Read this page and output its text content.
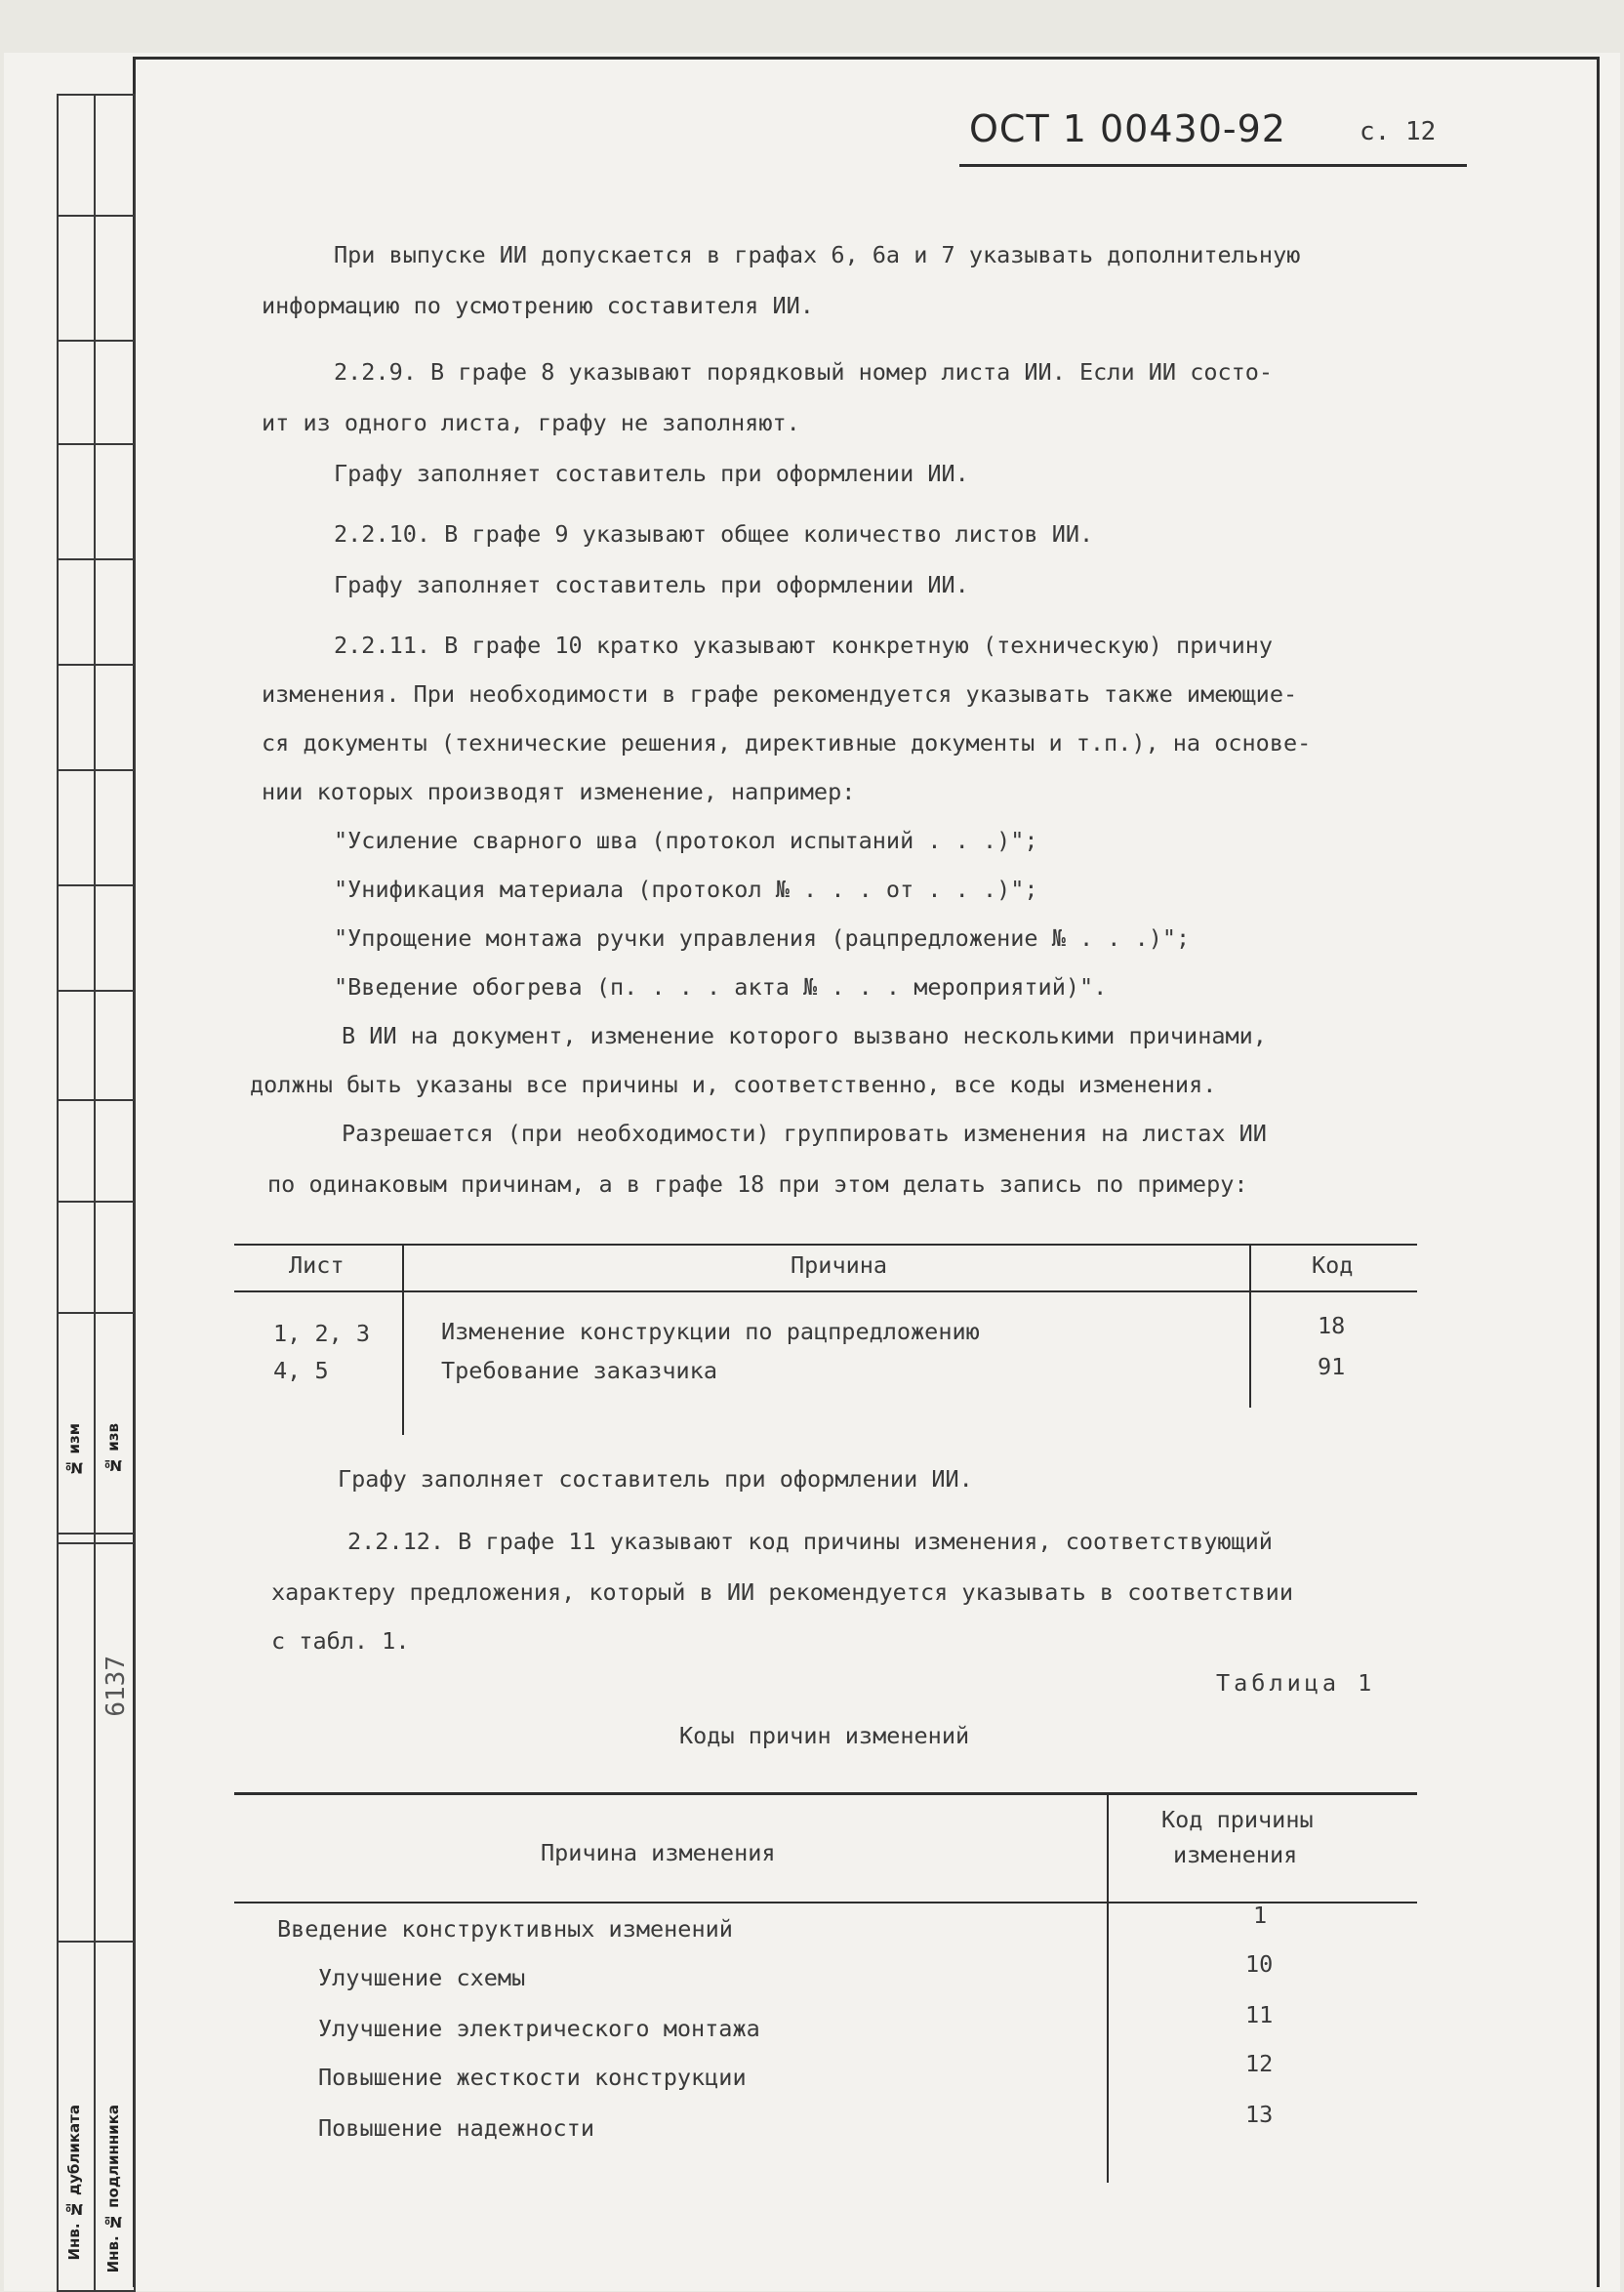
№ изм № изв
6137
Инв. № дубликата Инв. № подлинника
ОСТ 1 00430-92	с. 12
При выпуске ИИ допускается в графах 6, 6а и 7 указывать дополнительную
информацию по усмотрению составителя ИИ.
2.2.9. В графе 8 указывают порядковый номер листа ИИ. Если ИИ состо-
ит из одного листа, графу не заполняют.
Графу заполняет составитель при оформлении ИИ.
2.2.10. В графе 9 указывают общее количество листов ИИ.
Графу заполняет составитель при оформлении ИИ.
2.2.11. В графе 10 кратко указывают конкретную (техническую) причину
изменения. При необходимости в графе рекомендуется указывать также имеющие-
ся документы (технические решения, директивные документы и т.п.), на основе-
нии которых производят изменение, например:
"Усиление сварного шва (протокол испытаний . . .)";
"Унификация материала (протокол № . . . от . . .)";
"Упрощение монтажа ручки управления (рацпредложение № . . .)";
"Введение обогрева (п. . . . акта № . . . мероприятий)".
В ИИ на документ, изменение которого вызвано несколькими причинами,
должны быть указаны все причины и, соответственно, все коды изменения.
Разрешается (при необходимости) группировать изменения на листах ИИ
по одинаковым причинам, а в графе 18 при этом делать запись по примеру:
Графу заполняет составитель при оформлении ИИ.
2.2.12. В графе 11 указывают код причины изменения, соответствующий
характеру предложения, который в ИИ рекомендуется указывать в соответствии
с табл. 1.
Лист	Причина	Код
1, 2, 3	Изменение конструкции по рацпредложению	18
4, 5	Требование заказчика	91
Таблица 1
Коды причин изменений
Причина изменения
Код причины
изменения
Введение конструктивных изменений	1
Улучшение схемы	10
Улучшение электрического монтажа	11
Повышение жесткости конструкции	12
Повышение надежности	13
